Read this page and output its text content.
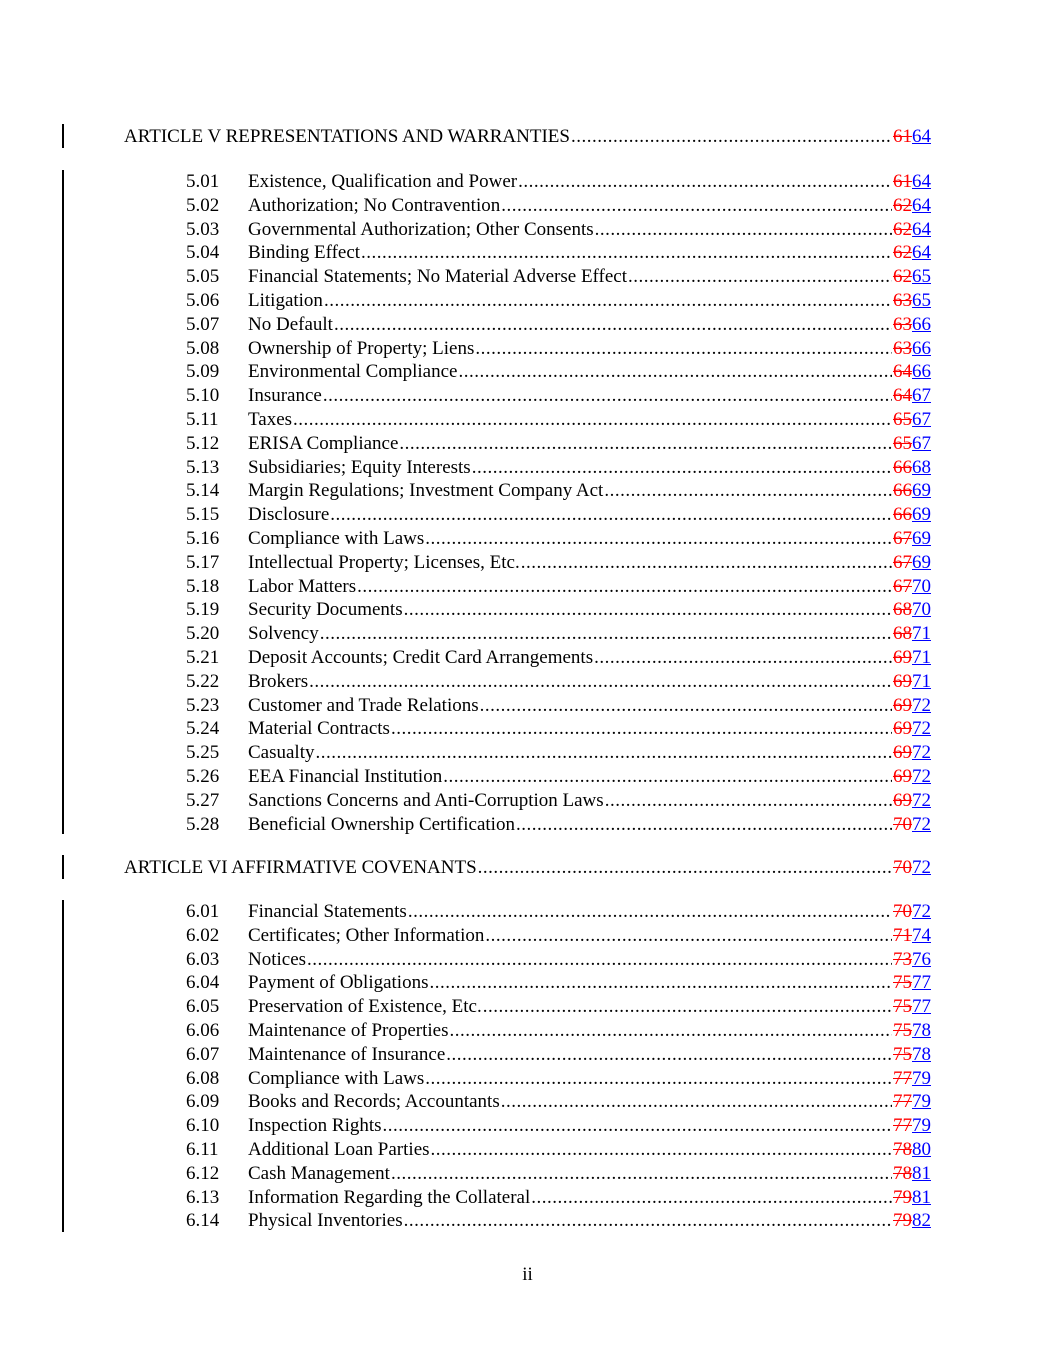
ARTICLE V REPRESENTATIONS AND WARRANTIES .....	6164
5.01	Existence, Qualification and Power .....	6164
5.02	Authorization; No Contravention .....	6264
5.03	Governmental Authorization; Other Consents .....	6264
5.04	Binding Effect .....	6264
5.05	Financial Statements; No Material Adverse Effect .....	6265
5.06	Litigation .....	6365
5.07	No Default .....	6366
5.08	Ownership of Property; Liens .....	6366
5.09	Environmental Compliance .....	6466
5.10	Insurance .....	6467
5.11	Taxes .....	6567
5.12	ERISA Compliance .....	6567
5.13	Subsidiaries; Equity Interests .....	6668
5.14	Margin Regulations; Investment Company Act .....	6669
5.15	Disclosure .....	6669
5.16	Compliance with Laws .....	6769
5.17	Intellectual Property; Licenses, Etc. .....	6769
5.18	Labor Matters .....	6770
5.19	Security Documents .....	6870
5.20	Solvency .....	6871
5.21	Deposit Accounts; Credit Card Arrangements .....	6971
5.22	Brokers .....	6971
5.23	Customer and Trade Relations .....	6972
5.24	Material Contracts .....	6972
5.25	Casualty .....	6972
5.26	EEA Financial Institution .....	6972
5.27	Sanctions Concerns and Anti-Corruption Laws .....	6972
5.28	Beneficial Ownership Certification .....	7072
ARTICLE VI AFFIRMATIVE COVENANTS .....	7072
6.01	Financial Statements .....	7072
6.02	Certificates; Other Information .....	7174
6.03	Notices .....	7376
6.04	Payment of Obligations .....	7577
6.05	Preservation of Existence, Etc. .....	7577
6.06	Maintenance of Properties .....	7578
6.07	Maintenance of Insurance .....	7578
6.08	Compliance with Laws .....	7779
6.09	Books and Records; Accountants .....	7779
6.10	Inspection Rights .....	7779
6.11	Additional Loan Parties .....	7880
6.12	Cash Management .....	7881
6.13	Information Regarding the Collateral .....	7981
6.14	Physical Inventories .....	7982
ii
